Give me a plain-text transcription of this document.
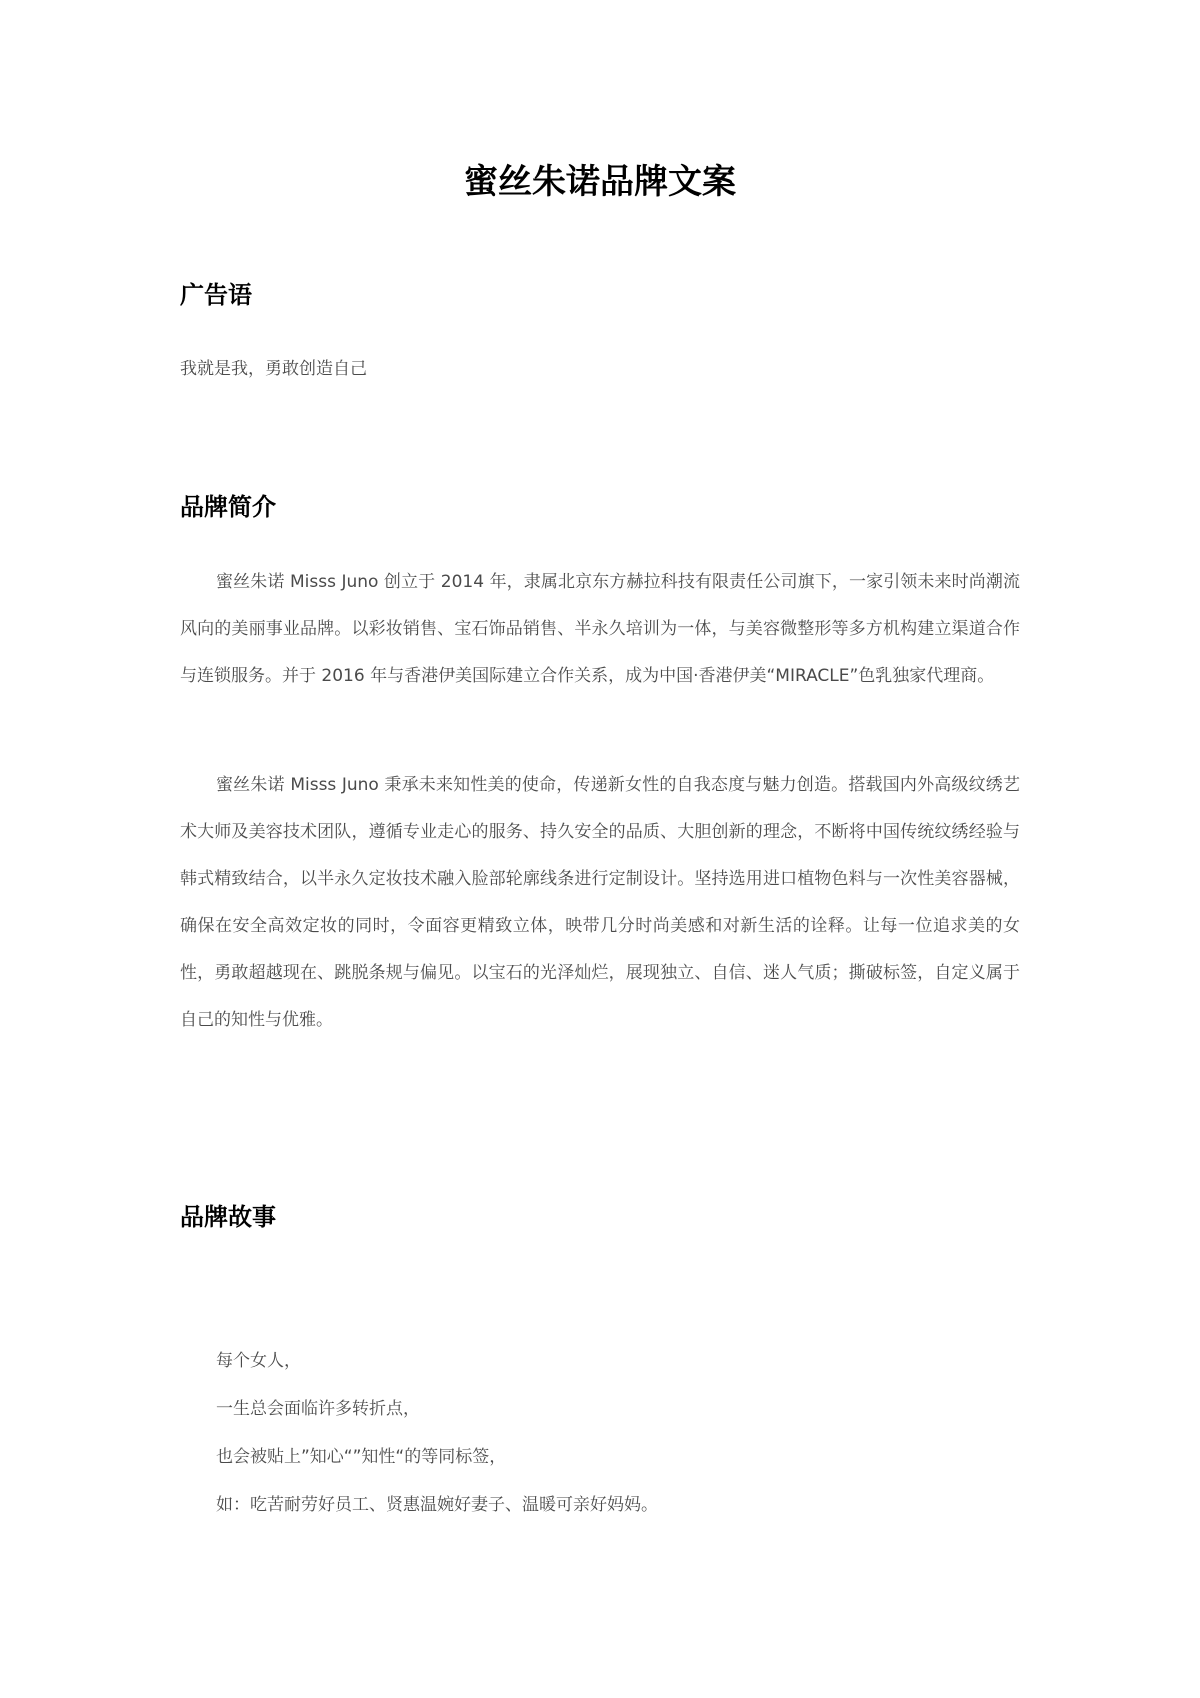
蜜丝朱诺品牌文案
广告语

我就是我，勇敢创造自己

品牌简介

蜜丝朱诺 Misss Juno 创立于 2014 年，隶属北京东方赫拉科技有限责任公司旗下，一家引领未来时尚潮流风向的美丽事业品牌。以彩妆销售、宝石饰品销售、半永久培训为一体，与美容微整形等多方机构建立渠道合作与连锁服务。并于 2016 年与香港伊美国际建立合作关系，成为中国·香港伊美“MIRACLE”色乳独家代理商。

蜜丝朱诺 Misss Juno 秉承未来知性美的使命，传递新女性的自我态度与魅力创造。搭载国内外高级纹绣艺术大师及美容技术团队，遵循专业走心的服务、持久安全的品质、大胆创新的理念，不断将中国传统纹绣经验与韩式精致结合，以半永久定妆技术融入脸部轮廓线条进行定制设计。坚持选用进口植物色料与一次性美容器械，确保在安全高效定妆的同时，令面容更精致立体，映带几分时尚美感和对新生活的诠释。让每一位追求美的女性，勇敢超越现在、跳脱条规与偏见。以宝石的光泽灿烂，展现独立、自信、迷人气质；撕破标签，自定义属于自己的知性与优雅。

品牌故事

每个女人，

一生总会面临许多转折点，

也会被贴上”知心“”知性“的等同标签，

如：吃苦耐劳好员工、贤惠温婉好妻子、温暖可亲好妈妈。
